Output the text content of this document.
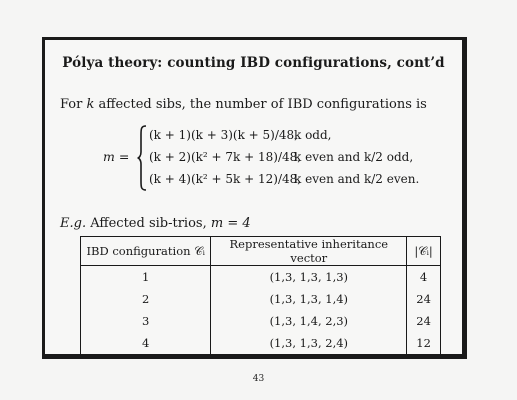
Pólya theory: counting IBD configurations, cont’d
For k affected sibs, the number of IBD configurations is
m =
(k + 1)(k + 3)(k + 5)/48,k odd,
(k + 2)(k² + 7k + 18)/48,k even and k/2 odd,
(k + 4)(k² + 5k + 12)/48,k even and k/2 even.
E.g. Affected sib-trios, m = 4
IBD configuration 𝒞ᵢ	Representative inheritance vector	|𝒞ᵢ|
1	(1,3, 1,3, 1,3)	4
2	(1,3, 1,3, 1,4)	24
3	(1,3, 1,4, 2,3)	24
4	(1,3, 1,3, 2,4)	12
43
